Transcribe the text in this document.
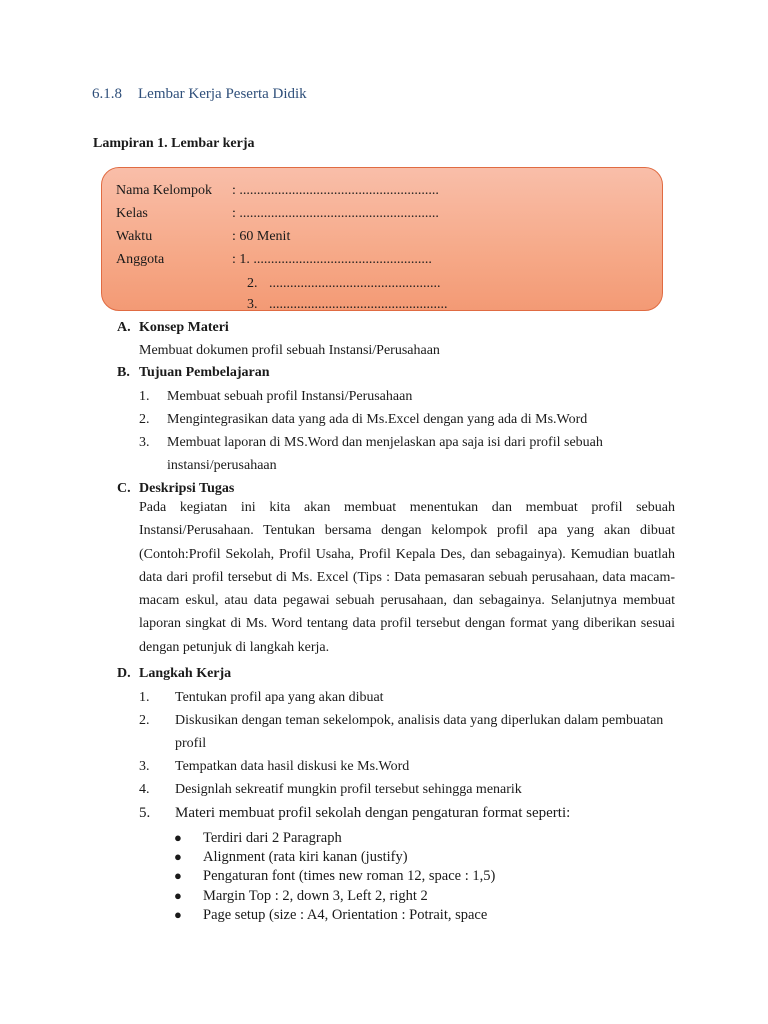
6.1.8 Lembar Kerja Peserta Didik
Lampiran 1. Lembar kerja
Nama Kelompok : .........................................................
Kelas	: .........................................................
Waktu	: 60 Menit
Anggota	: 1. ...................................................
2. .................................................
3. ...................................................
A. Konsep Materi
Membuat dokumen profil sebuah Instansi/Perusahaan
B. Tujuan Pembelajaran
1. Membuat sebuah profil Instansi/Perusahaan
2. Mengintegrasikan data yang ada di Ms.Excel dengan yang ada di Ms.Word
3. Membuat laporan di MS.Word dan menjelaskan apa saja isi dari profil sebuah instansi/perusahaan
C. Deskripsi Tugas
Pada kegiatan ini kita akan membuat menentukan dan membuat profil sebuah Instansi/Perusahaan. Tentukan bersama dengan kelompok profil apa yang akan dibuat (Contoh:Profil Sekolah, Profil Usaha, Profil Kepala Des, dan sebagainya). Kemudian buatlah data dari profil tersebut di Ms. Excel (Tips : Data pemasaran sebuah perusahaan, data macam-macam eskul, atau data pegawai sebuah perusahaan, dan sebagainya. Selanjutnya membuat laporan singkat di Ms. Word tentang data profil tersebut dengan format yang diberikan sesuai dengan petunjuk di langkah kerja.
D. Langkah Kerja
1. Tentukan profil apa yang akan dibuat
2. Diskusikan dengan teman sekelompok, analisis data yang diperlukan dalam pembuatan profil
3. Tempatkan data hasil diskusi ke Ms.Word
4. Designlah sekreatif mungkin profil tersebut sehingga menarik
5. Materi membuat profil sekolah dengan pengaturan format seperti:
● Terdiri dari 2 Paragraph
● Alignment (rata kiri kanan (justify)
● Pengaturan font (times new roman 12, space : 1,5)
● Margin Top : 2, down 3, Left 2, right 2
● Page setup (size : A4, Orientation : Potrait, space
